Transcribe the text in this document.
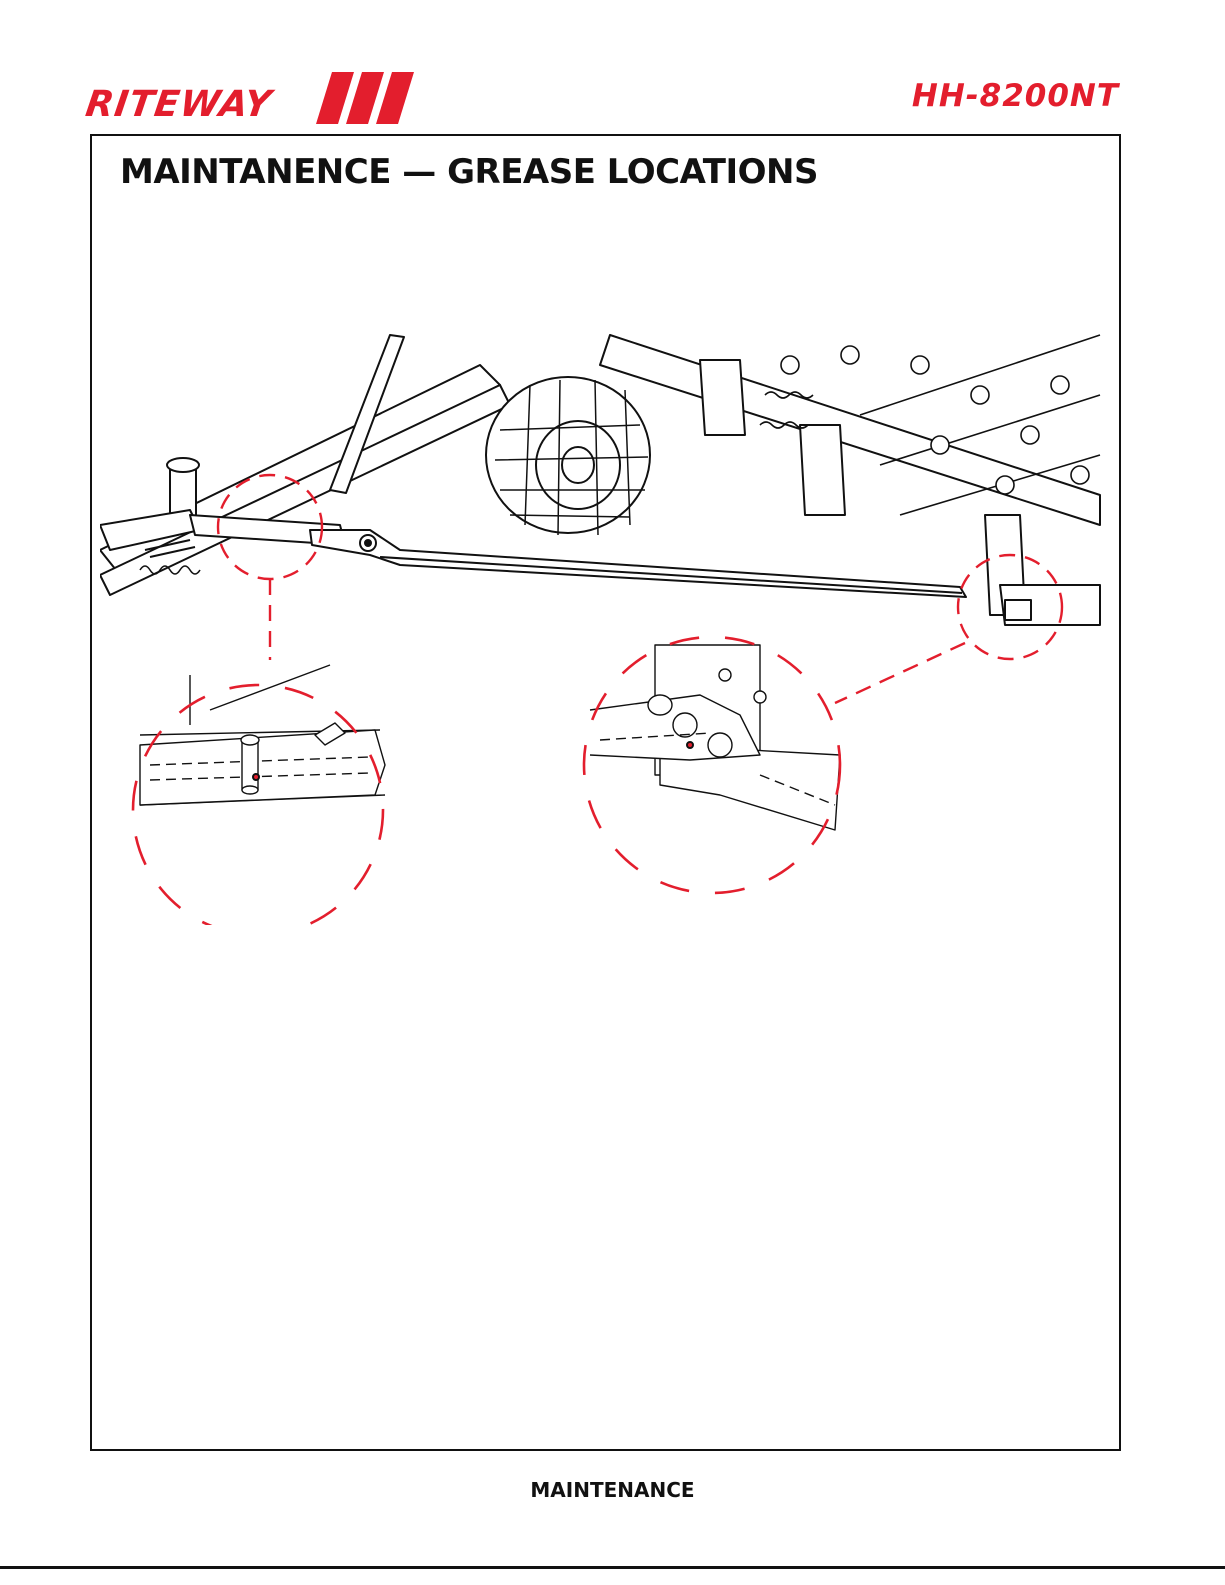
RITEWAY	HH-8200NT
MAINTANENCE — GREASE LOCATIONS
MAINTENANCE
